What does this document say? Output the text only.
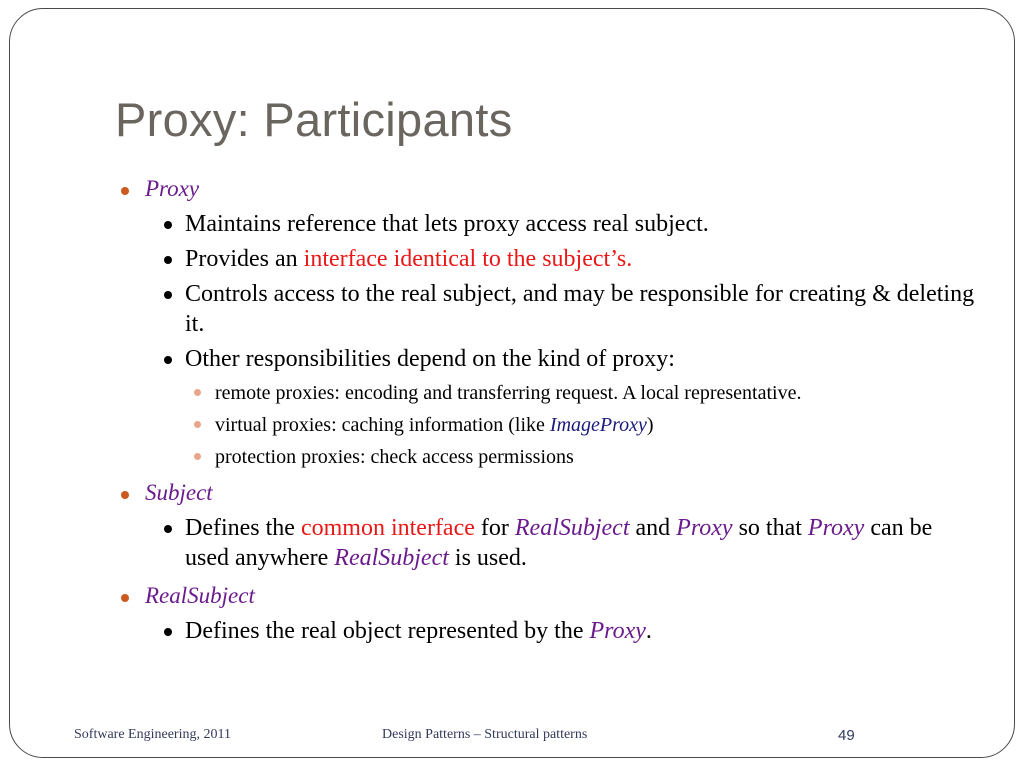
Proxy: Participants
Proxy
Maintains reference that lets proxy access real subject.
Provides an interface identical to the subject’s.
Controls access to the real subject, and may be responsible for creating & deleting it.
Other responsibilities depend on the kind of proxy:
remote proxies: encoding and transferring request. A local representative.
virtual proxies: caching information (like ImageProxy)
protection proxies: check access permissions
Subject
Defines the common interface for RealSubject and Proxy so that Proxy can be used anywhere RealSubject is used.
RealSubject
Defines the real object represented by the Proxy.
Software Engineering, 2011	Design Patterns – Structural patterns	49
